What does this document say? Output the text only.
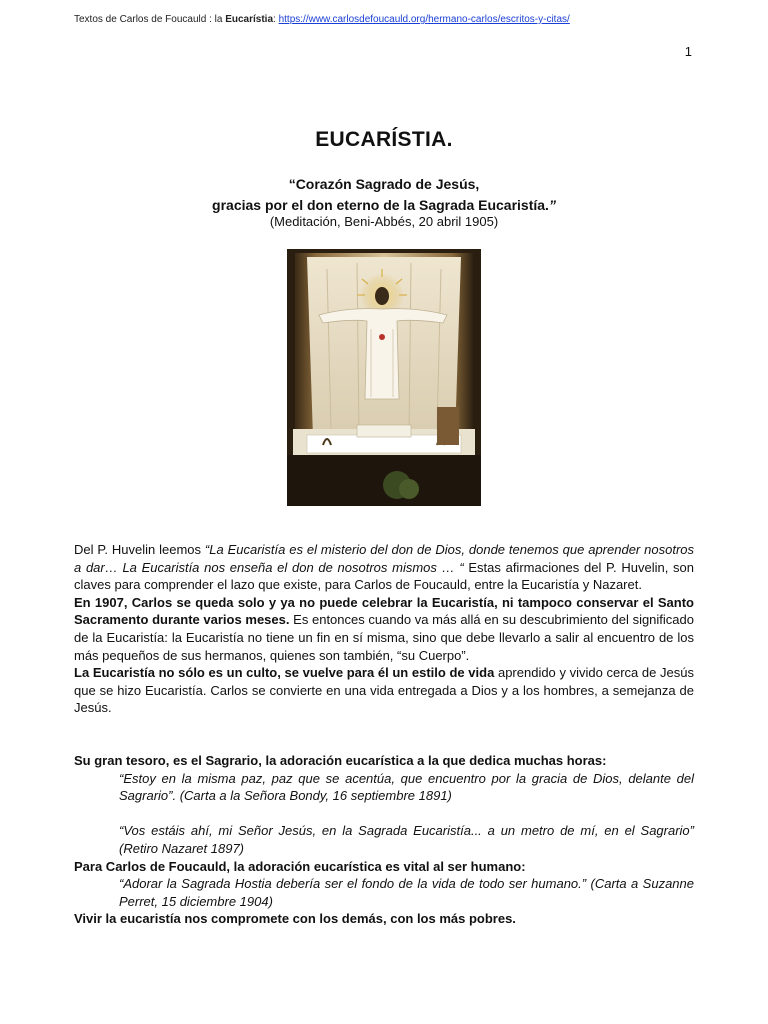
Textos de Carlos de Foucauld : la Eucarístia: https://www.carlosdefoucauld.org/hermano-carlos/escritos-y-citas/
1
EUCARÍSTIA.
“Corazón Sagrado de Jesús,
gracias por el don eterno de la Sagrada Eucaristía.”
(Meditación, Beni-Abbés, 20 abril 1905)

Del P. Huvelin leemos “La Eucaristía es el misterio del don de Dios, donde tenemos que aprender nosotros a dar… La Eucaristía nos enseña el don de nosotros mismos … “ Estas afirmaciones del P. Huvelin, son claves para comprender el lazo que existe, para Carlos de Foucauld, entre la Eucaristía y Nazaret.

En 1907, Carlos se queda solo y ya no puede celebrar la Eucaristía, ni tampoco conservar el Santo Sacramento durante varios meses. Es entonces cuando va más allá en su descubrimiento del significado de la Eucaristía: la Eucaristía no tiene un fin en sí misma, sino que debe llevarlo a salir al encuentro de los más pequeños de sus hermanos, quienes son también, “su Cuerpo”.

La Eucaristía no sólo es un culto, se vuelve para él un estilo de vida aprendido y vivido cerca de Jesús que se hizo Eucaristía. Carlos se convierte en una vida entregada a Dios y a los hombres, a semejanza de Jesús.

Su gran tesoro, es el Sagrario, la adoración eucarística a la que dedica muchas horas:

“Estoy en la misma paz, paz que se acentúa, que encuentro por la gracia de Dios, delante del Sagrario”. (Carta a la Señora Bondy, 16 septiembre 1891)

“Vos estáis ahí, mi Señor Jesús, en la Sagrada Eucaristía... a un metro de mí, en el Sagrario” (Retiro Nazaret 1897)

Para Carlos de Foucauld, la adoración eucarística es vital al ser humano:

“Adorar la Sagrada Hostia debería ser el fondo de la vida de todo ser humano.” (Carta a Suzanne Perret, 15 diciembre 1904)

Vivir la eucaristía nos compromete con los demás, con los más pobres.
